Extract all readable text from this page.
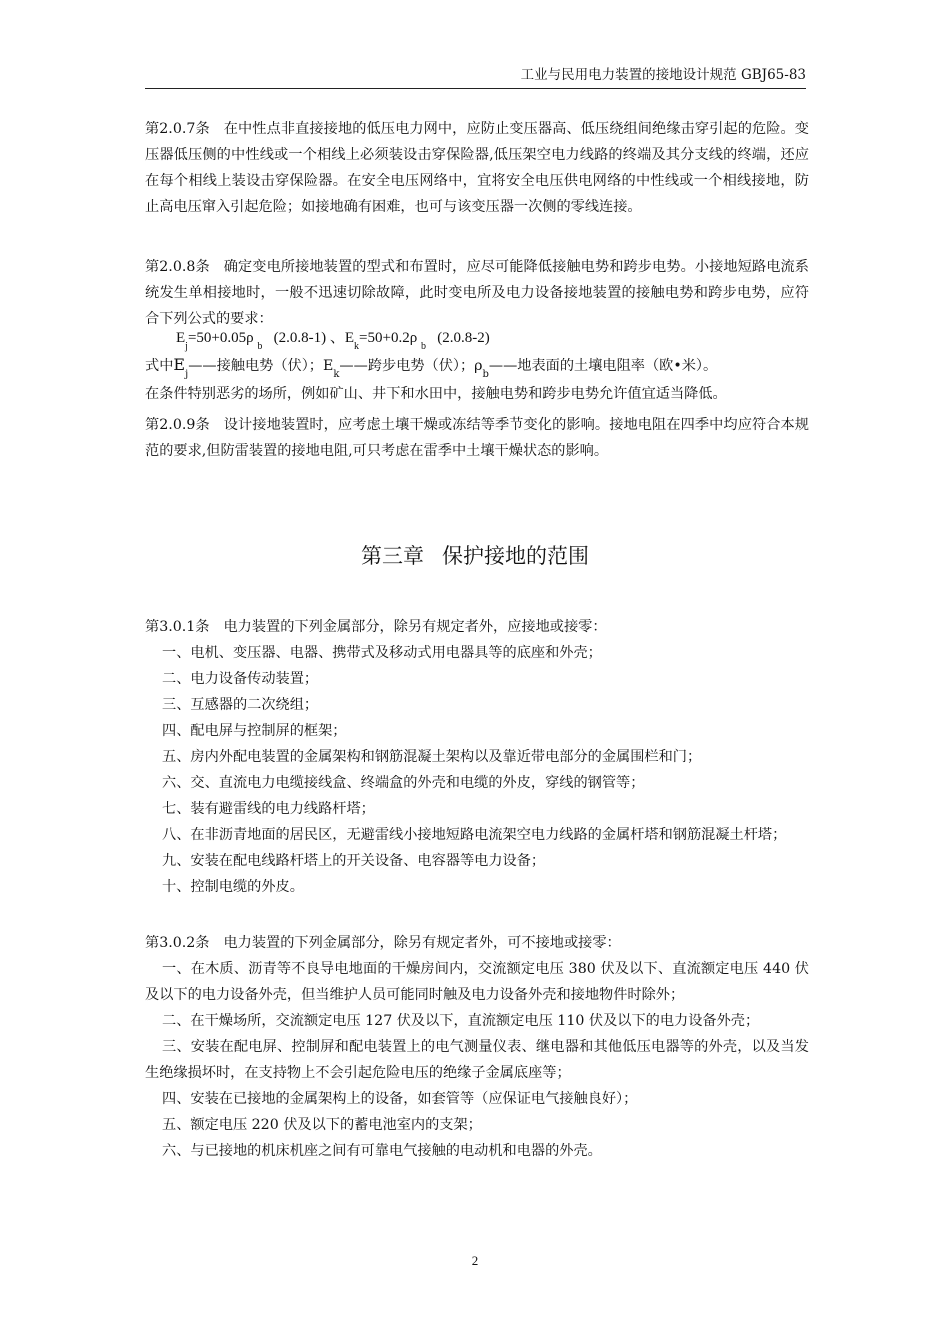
工业与民用电力装置的接地设计规范 GBJ65-83

第2.0.7条 在中性点非直接接地的低压电力网中，应防止变压器高、低压绕组间绝缘击穿引起的危险。变压器低压侧的中性线或一个相线上必须装设击穿保险器,低压架空电力线路的终端及其分支线的终端，还应在每个相线上装设击穿保险器。在安全电压网络中，宜将安全电压供电网络的中性线或一个相线接地，防止高电压窜入引起危险；如接地确有困难，也可与该变压器一次侧的零线连接。

第2.0.8条 确定变电所接地装置的型式和布置时，应尽可能降低接触电势和跨步电势。小接地短路电流系统发生单相接地时，一般不迅速切除故障，此时变电所及电力设备接地装置的接触电势和跨步电势，应符合下列公式的要求：

$E_j=50+0.05\rho$ $_b$   (2.0.8-1) 、$E_k=50+0.2\rho$ $_b$   (2.0.8-2)
式中$E_j——$接触电势（伏）；$E_k——$跨步电势（伏）；$\rho_b——$地表面的土壤电阻率（欧•米）。
在条件特别恶劣的场所，例如矿山、井下和水田中，接触电势和跨步电势允许值宜适当降低。

第2.0.9条 设计接地装置时，应考虑土壤干燥或冻结等季节变化的影响。接地电阻在四季中均应符合本规范的要求,但防雷装置的接地电阻,可只考虑在雷季中土壤干燥状态的影响。

第三章 保护接地的范围
第3.0.1条 电力装置的下列金属部分，除另有规定者外，应接地或接零：
一、电机、变压器、电器、携带式及移动式用电器具等的底座和外壳；
二、电力设备传动装置；
三、互感器的二次绕组；
四、配电屏与控制屏的框架；
五、房内外配电装置的金属架构和钢筋混凝土架构以及靠近带电部分的金属围栏和门；
六、交、直流电力电缆接线盒、终端盒的外壳和电缆的外皮，穿线的钢管等；
七、装有避雷线的电力线路杆塔；
八、在非沥青地面的居民区，无避雷线小接地短路电流架空电力线路的金属杆塔和钢筋混凝土杆塔；
九、安装在配电线路杆塔上的开关设备、电容器等电力设备；
十、控制电缆的外皮。
第3.0.2条 电力装置的下列金属部分，除另有规定者外，可不接地或接零：
一、在木质、沥青等不良导电地面的干燥房间内，交流额定电压 380 伏及以下、直流额定电压 440 伏及以下的电力设备外壳，但当维护人员可能同时触及电力设备外壳和接地物件时除外；
二、在干燥场所，交流额定电压 127 伏及以下，直流额定电压 110 伏及以下的电力设备外壳；
三、安装在配电屏、控制屏和配电装置上的电气测量仪表、继电器和其他低压电器等的外壳，以及当发生绝缘损坏时，在支持物上不会引起危险电压的绝缘子金属底座等；
四、安装在已接地的金属架构上的设备，如套管等（应保证电气接触良好）；
五、额定电压 220 伏及以下的蓄电池室内的支架；
六、与已接地的机床机座之间有可靠电气接触的电动机和电器的外壳。
2
